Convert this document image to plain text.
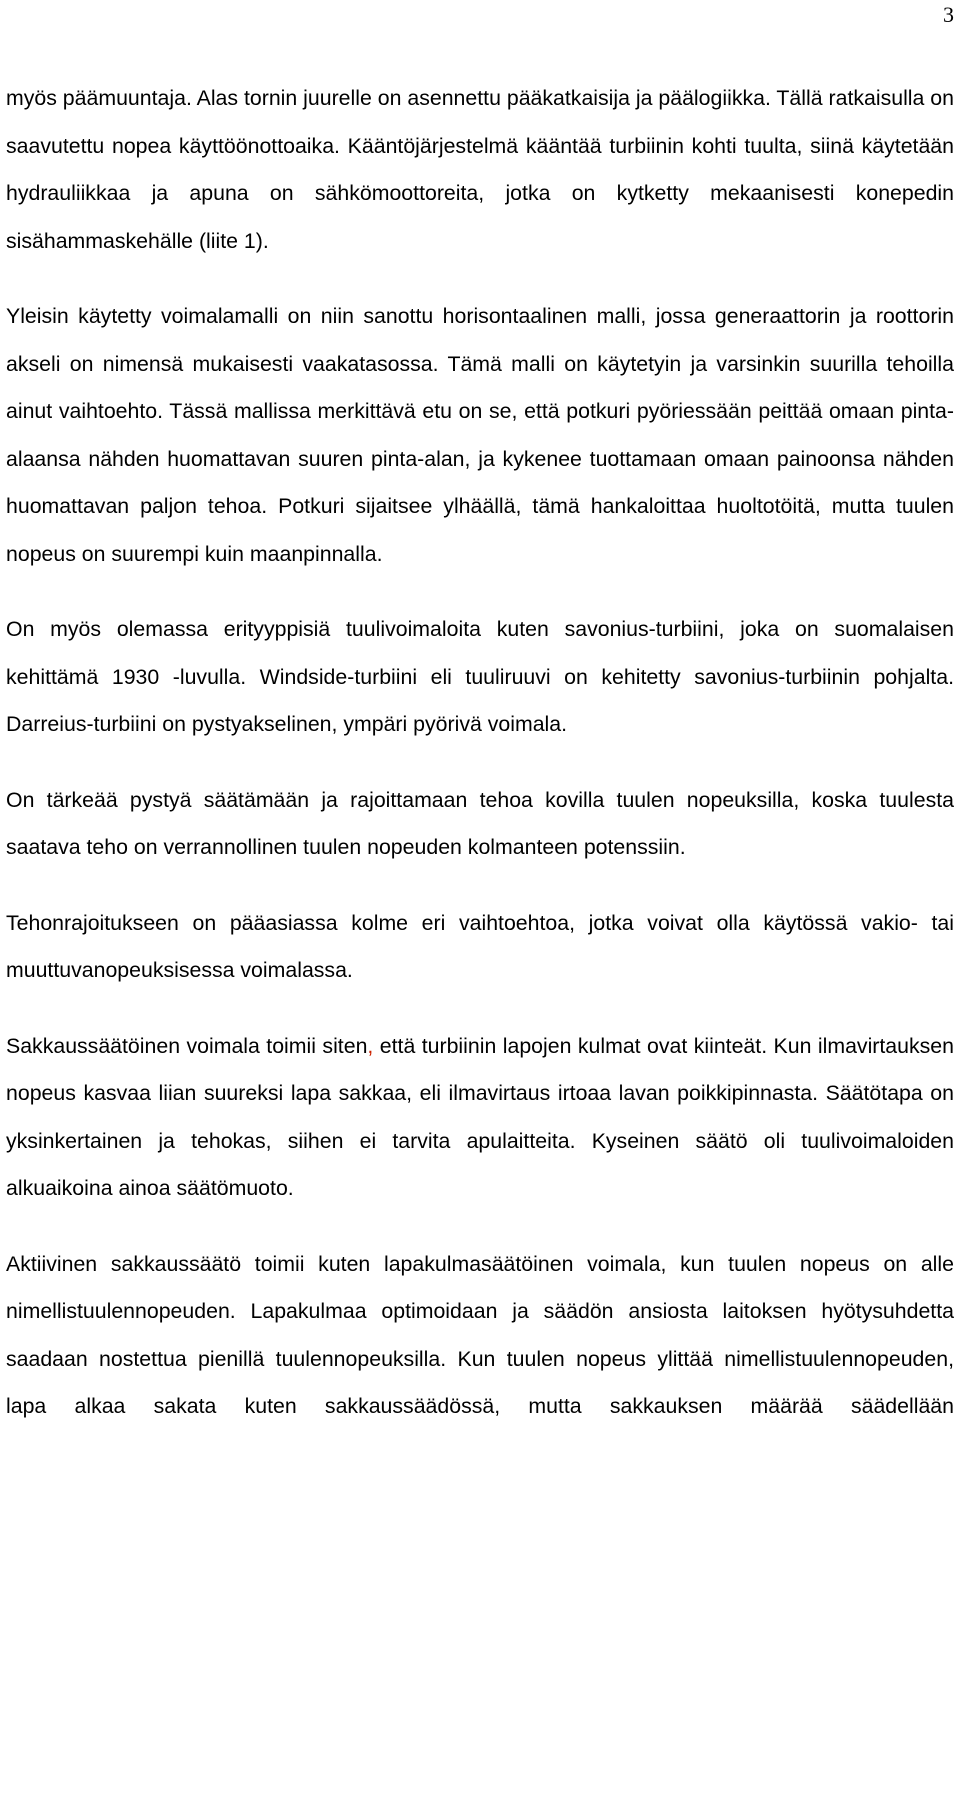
3

myös päämuuntaja. Alas tornin juurelle on asennettu pääkatkaisija ja päälogiikka. Tällä ratkaisulla on saavutettu nopea käyttöönottoaika. Kääntöjärjestelmä kääntää turbiinin kohti tuulta, siinä käytetään hydrauliikkaa ja apuna on sähkömoottoreita, jotka on kytketty mekaanisesti konepedin sisähammaskehälle (liite 1).

Yleisin käytetty voimalamalli on niin sanottu horisontaalinen malli, jossa generaattorin ja roottorin akseli on nimensä mukaisesti vaakatasossa. Tämä malli on käytetyin ja varsinkin suurilla tehoilla ainut vaihtoehto. Tässä mallissa merkittävä etu on se, että potkuri pyöriessään peittää omaan pinta-alaansa nähden huomattavan suuren pinta-alan, ja kykenee tuottamaan omaan painoonsa nähden huomattavan paljon tehoa. Potkuri sijaitsee ylhäällä, tämä hankaloittaa huoltotöitä, mutta tuulen nopeus on suurempi kuin maanpinnalla.

On myös olemassa erityyppisiä tuulivoimaloita kuten savonius-turbiini, joka on suomalaisen kehittämä 1930 -luvulla. Windside-turbiini eli tuuliruuvi on kehitetty savonius-turbiinin pohjalta. Darreius-turbiini on pystyakselinen, ympäri pyörivä voimala.

On tärkeää pystyä säätämään ja rajoittamaan tehoa kovilla tuulen nopeuksilla, koska tuulesta saatava teho on verrannollinen tuulen nopeuden kolmanteen potenssiin.

Tehonrajoitukseen on pääasiassa kolme eri vaihtoehtoa, jotka voivat olla käytössä vakio- tai muuttuvanopeuksisessa voimalassa.

Sakkaussäätöinen voimala toimii siten, että turbiinin lapojen kulmat ovat kiinteät. Kun ilmavirtauksen nopeus kasvaa liian suureksi lapa sakkaa, eli ilmavirtaus irtoaa lavan poikkipinnasta. Säätötapa on yksinkertainen ja tehokas, siihen ei tarvita apulaitteita. Kyseinen säätö oli tuulivoimaloiden alkuaikoina ainoa säätömuoto.

Aktiivinen sakkaussäätö toimii kuten lapakulmasäätöinen voimala, kun tuulen nopeus on alle nimellistuulennopeuden. Lapakulmaa optimoidaan ja säädön ansiosta laitoksen hyötysuhdetta saadaan nostettua pienillä tuulennopeuksilla. Kun tuulen nopeus ylittää nimellistuulennopeuden, lapa alkaa sakata kuten sakkaussäädössä, mutta sakkauksen määrää säädellään
